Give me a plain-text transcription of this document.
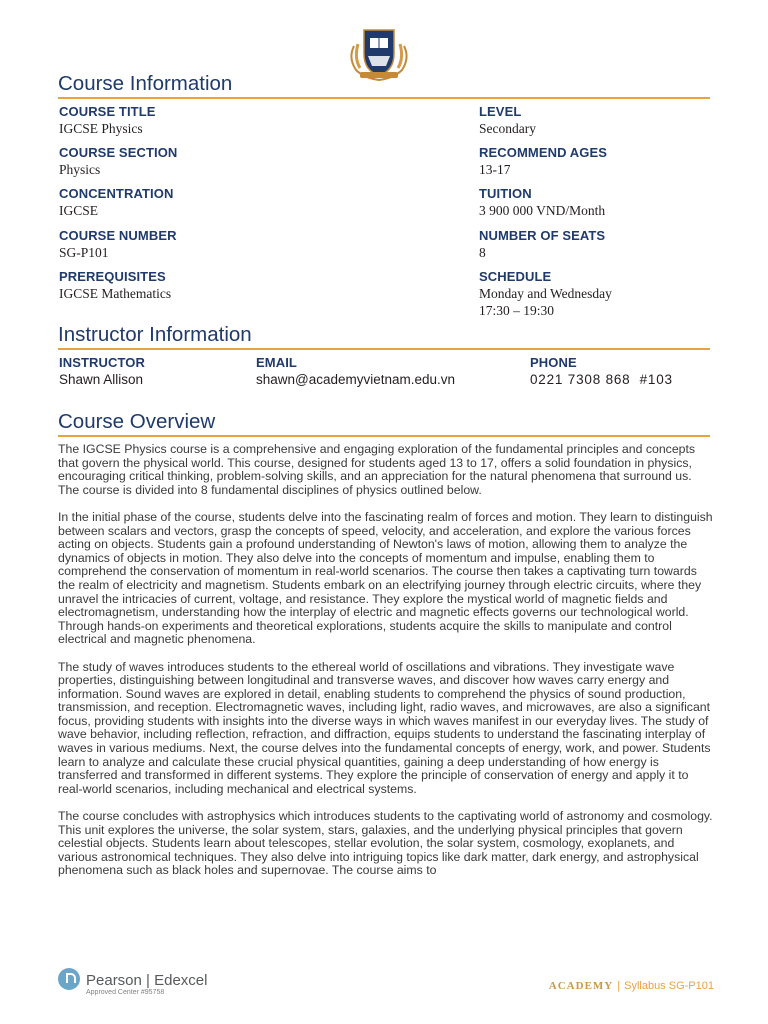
Course Information
COURSE TITLE
IGCSE Physics
COURSE SECTION
Physics
CONCENTRATION
IGCSE
COURSE NUMBER
SG-P101
PREREQUISITES
IGCSE Mathematics
LEVEL
Secondary
RECOMMEND AGES
13-17
TUITION
3 900 000 VND/Month
NUMBER OF SEATS
8
SCHEDULE
Monday and Wednesday
17:30 – 19:30
Instructor Information
INSTRUCTOR
Shawn Allison
EMAIL
shawn@academyvietnam.edu.vn
PHONE
0221 7308 868  #103
Course Overview

The IGCSE Physics course is a comprehensive and engaging exploration of the fundamental principles and concepts that govern the physical world. This course, designed for students aged 13 to 17, offers a solid foundation in physics, encouraging critical thinking, problem-solving skills, and an appreciation for the natural phenomena that surround us. The course is divided into 8 fundamental disciplines of physics outlined below.

In the initial phase of the course, students delve into the fascinating realm of forces and motion. They learn to distinguish between scalars and vectors, grasp the concepts of speed, velocity, and acceleration, and explore the various forces acting on objects. Students gain a profound understanding of Newton's laws of motion, allowing them to analyze the dynamics of objects in motion. They also delve into the concepts of momentum and impulse, enabling them to comprehend the conservation of momentum in real-world scenarios. The course then takes a captivating turn towards the realm of electricity and magnetism. Students embark on an electrifying journey through electric circuits, where they unravel the intricacies of current, voltage, and resistance. They explore the mystical world of magnetic fields and electromagnetism, understanding how the interplay of electric and magnetic effects governs our technological world. Through hands-on experiments and theoretical explorations, students acquire the skills to manipulate and control electrical and magnetic phenomena.

The study of waves introduces students to the ethereal world of oscillations and vibrations. They investigate wave properties, distinguishing between longitudinal and transverse waves, and discover how waves carry energy and information. Sound waves are explored in detail, enabling students to comprehend the physics of sound production, transmission, and reception. Electromagnetic waves, including light, radio waves, and microwaves, are also a significant focus, providing students with insights into the diverse ways in which waves manifest in our everyday lives. The study of wave behavior, including reflection, refraction, and diffraction, equips students to understand the fascinating interplay of waves in various mediums. Next, the course delves into the fundamental concepts of energy, work, and power. Students learn to analyze and calculate these crucial physical quantities, gaining a deep understanding of how energy is transferred and transformed in different systems. They explore the principle of conservation of energy and apply it to real-world scenarios, including mechanical and electrical systems.

The course concludes with astrophysics which introduces students to the captivating world of astronomy and cosmology. This unit explores the universe, the solar system, stars, galaxies, and the underlying physical principles that govern celestial objects. Students learn about telescopes, stellar evolution, the solar system, cosmology, exoplanets, and various astronomical techniques. They also delve into intriguing topics like dark matter, dark energy, and astrophysical phenomena such as black holes and supernovae. The course aims to

Pearson | Edexcel
Approved Center #95758
ACADEMY | Syllabus SG-P101
